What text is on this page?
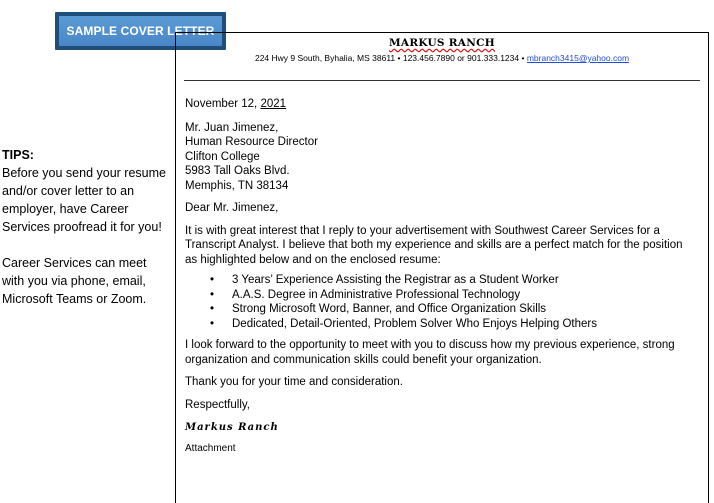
SAMPLE COVER LETTER

TIPS:

Before you send your resume and/or cover letter to an employer, have Career Services proofread it for you!

Career Services can meet with you via phone, email, Microsoft Teams or Zoom.

MARKUS RANCH
224 Hwy 9 South, Byhalia, MS 38611 • 123.456.7890 or 901.333.1234 • mbranch3415@yahoo.com

November 12, 2021

Mr. Juan Jimenez,

Human Resource Director

Clifton College

5983 Tall Oaks Blvd.

Memphis, TN 38134

Dear Mr. Jimenez,

It is with great interest that I reply to your advertisement with Southwest Career Services for a Transcript Analyst. I believe that both my experience and skills are a perfect match for the position as highlighted below and on the enclosed resume:

• 3 Years’ Experience Assisting the Registrar as a Student Worker
• A.A.S. Degree in Administrative Professional Technology
• Strong Microsoft Word, Banner, and Office Organization Skills
• Dedicated, Detail-Oriented, Problem Solver Who Enjoys Helping Others

I look forward to the opportunity to meet with you to discuss how my previous experience, strong organization and communication skills could benefit your organization.

Thank you for your time and consideration.

Respectfully,

Markus Ranch

Attachment
